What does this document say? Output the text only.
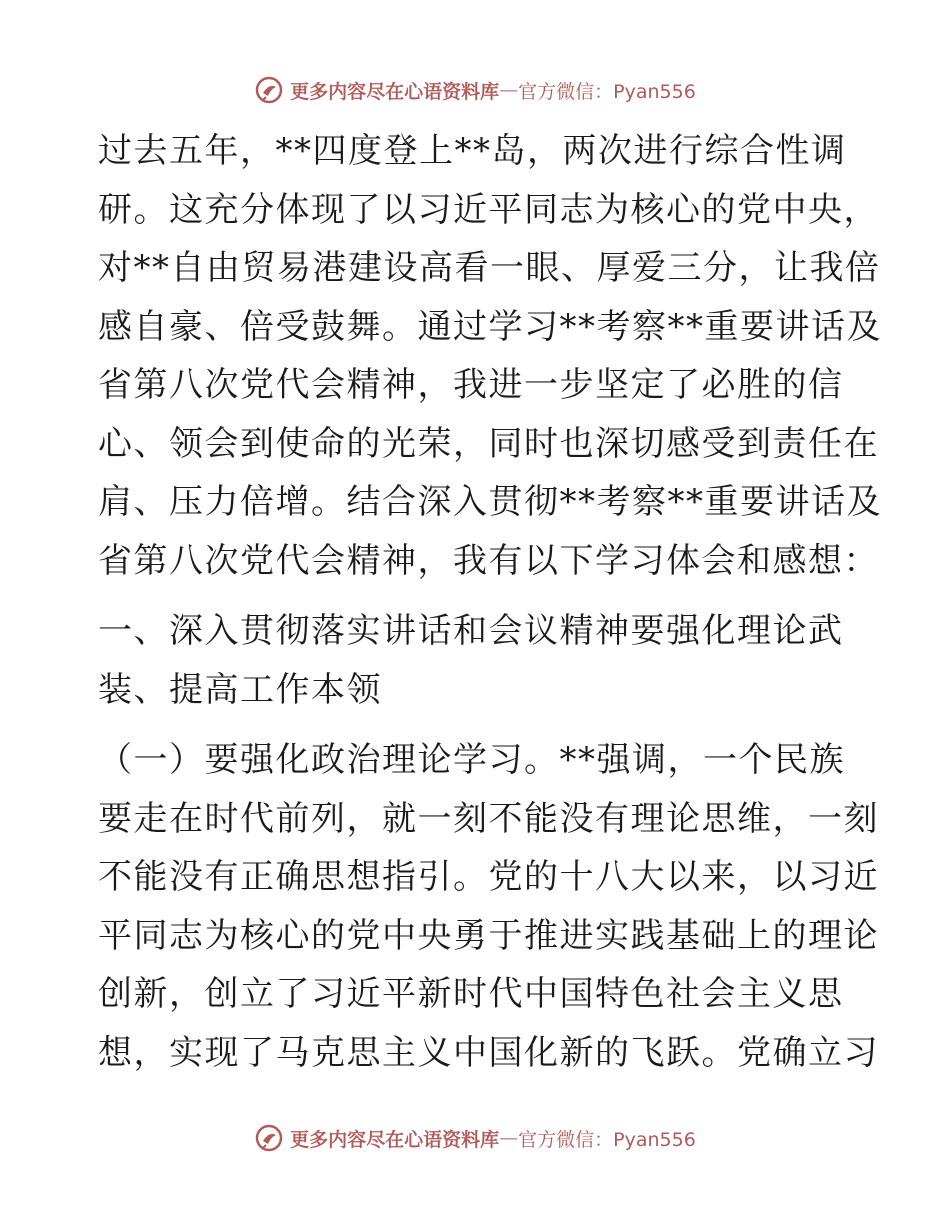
更多内容尽在心语资料库 — 官方微信：Pyan556

过去五年，**四度登上**岛，两次进行综合性调
研。这充分体现了以习近平同志为核心的党中央，
对**自由贸易港建设高看一眼、厚爱三分，让我倍
感自豪、倍受鼓舞。通过学习**考察**重要讲话及
省第八次党代会精神，我进一步坚定了必胜的信
心、领会到使命的光荣，同时也深切感受到责任在
肩、压力倍增。结合深入贯彻**考察**重要讲话及
省第八次党代会精神，我有以下学习体会和感想：

一、深入贯彻落实讲话和会议精神要强化理论武
装、提高工作本领

（一）要强化政治理论学习。**强调，一个民族
要走在时代前列，就一刻不能没有理论思维，一刻
不能没有正确思想指引。党的十八大以来，以习近
平同志为核心的党中央勇于推进实践基础上的理论
创新，创立了习近平新时代中国特色社会主义思
想，实现了马克思主义中国化新的飞跃。党确立习

更多内容尽在心语资料库 — 官方微信：Pyan556
